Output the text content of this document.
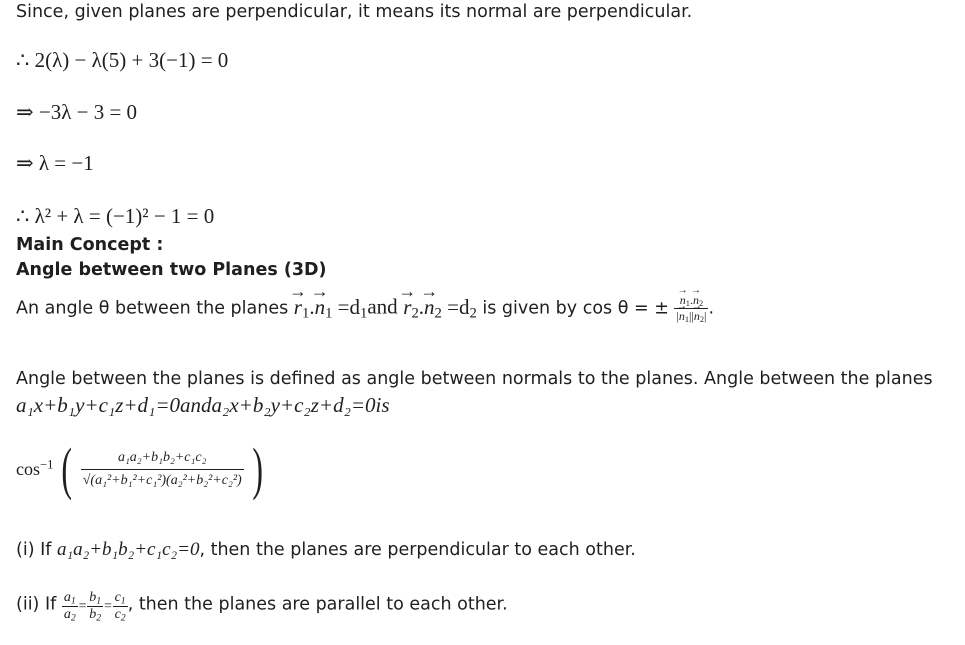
Since, given planes are perpendicular, it means its normal are perpendicular.
∴ 2(λ) − λ(5) + 3(−1) = 0
⇒ −3λ − 3 = 0
⇒ λ = −1
∴ λ² + λ = (−1)² − 1 = 0
Main Concept :
Angle between two Planes (3D)
An angle θ between the planes → $r_1.\to n_1 =d_1and \to r_2.\to n_2 =d_2$ is given by cos θ = ± → $\frac{n_1.\to n_2}{|\to n_1||\to n_2|}$ .
Angle between the planes is defined as angle between normals to the planes. Angle between the planes
a₁x+b₁y+c₁z+d₁=0anda₂x+b₂y+c₂z+d₂=0is
$\cos^{-1}$ ( $\frac{\text{a₁a₂+b₁b₂+c₁c₂}}{\text{√(a₁²+b₁²+c₁²)(a₂²+b₂²+c₂²)}}$ )
(i) If a₁a₂+b₁b₂+c₁c₂=0, then the planes are perpendicular to each other.
(ii) If $\frac{a_1}{a_2} = \frac{b_1}{b_2} = \frac{c_1}{c_2}$ , then the planes are parallel to each other.
